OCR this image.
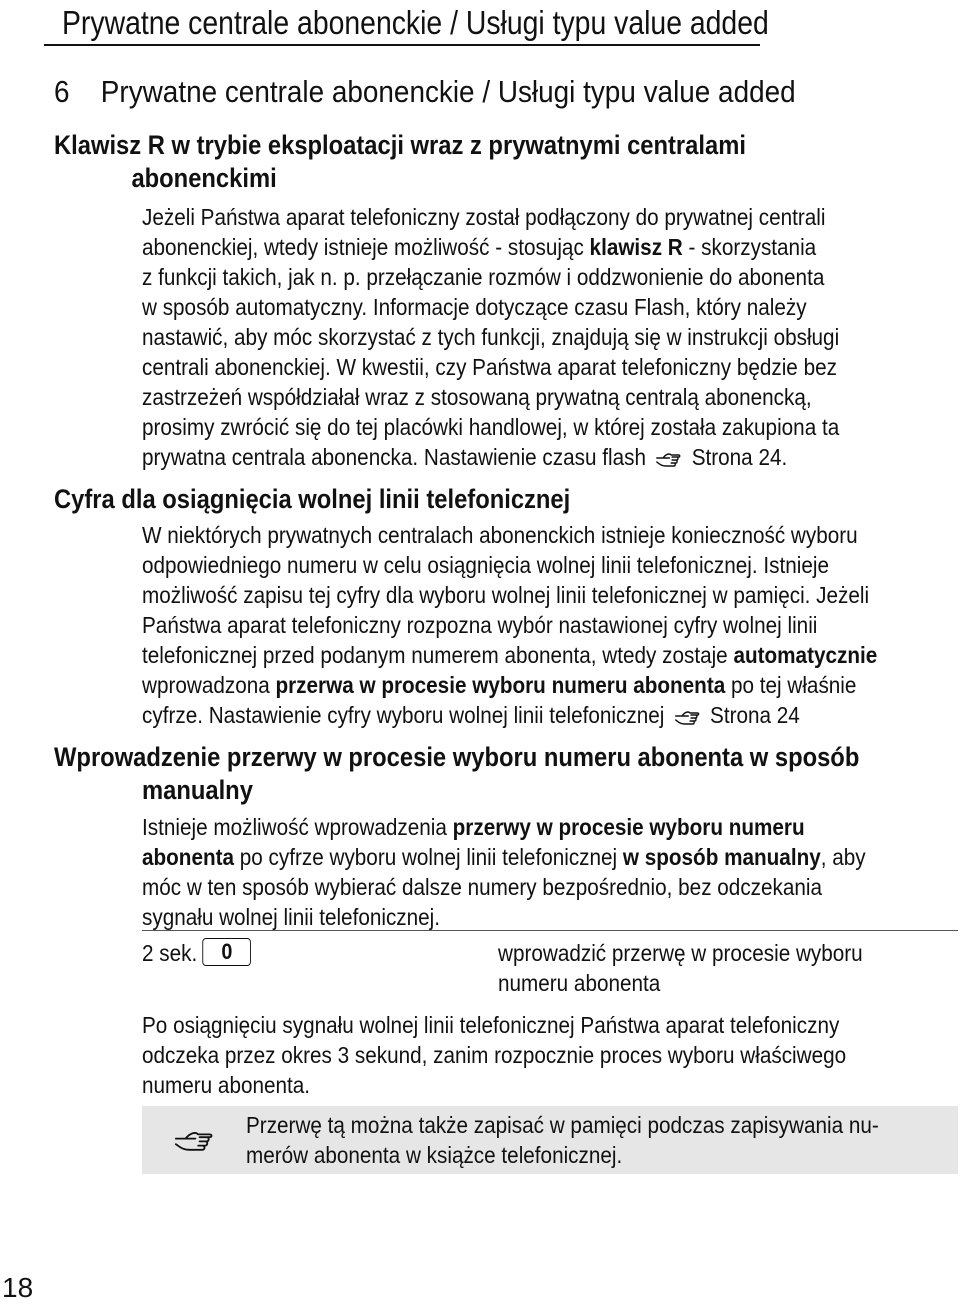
Prywatne centrale abonenckie / Usługi typu value added
6 Prywatne centrale abonenckie / Usługi typu value added
Klawisz R w trybie eksploatacji wraz z prywatnymi centralami
abonenckimi
Jeżeli Państwa aparat telefoniczny został podłączony do prywatnej centrali
abonenckiej, wtedy istnieje możliwość - stosując klawisz R - skorzystania
z funkcji takich, jak n. p. przełączanie rozmów i oddzwonienie do abonenta
w sposób automatyczny. Informacje dotyczące czasu Flash, który należy
nastawić, aby móc skorzystać z tych funkcji, znajdują się w instrukcji obsługi
centrali abonenckiej. W kwestii, czy Państwa aparat telefoniczny będzie bez
zastrzeżeń współdziałał wraz z stosowaną prywatną centralą abonencką,
prosimy zwrócić się do tej placówki handlowej, w której została zakupiona ta
prywatna centrala abonencka. Nastawienie czasu flash Strona 24.
Cyfra dla osiągnięcia wolnej linii telefonicznej
W niektórych prywatnych centralach abonenckich istnieje konieczność wyboru
odpowiedniego numeru w celu osiągnięcia wolnej linii telefonicznej. Istnieje
możliwość zapisu tej cyfry dla wyboru wolnej linii telefonicznej w pamięci. Jeżeli
Państwa aparat telefoniczny rozpozna wybór nastawionej cyfry wolnej linii
telefonicznej przed podanym numerem abonenta, wtedy zostaje automatycznie
wprowadzona przerwa w procesie wyboru numeru abonenta po tej właśnie
cyfrze. Nastawienie cyfry wyboru wolnej linii telefonicznej Strona 24
Wprowadzenie przerwy w procesie wyboru numeru abonenta w sposób
manualny
Istnieje możliwość wprowadzenia przerwy w procesie wyboru numeru
abonenta po cyfrze wyboru wolnej linii telefonicznej w sposób manualny, aby
móc w ten sposób wybierać dalsze numery bezpośrednio, bez odczekania
sygnału wolnej linii telefonicznej.
2 sek. 0	wprowadzić przerwę w procesie wyboru
numeru abonenta
Po osiągnięciu sygnału wolnej linii telefonicznej Państwa aparat telefoniczny
odczeka przez okres 3 sekund, zanim rozpocznie proces wyboru właściwego
numeru abonenta.
Przerwę tą można także zapisać w pamięci podczas zapisywania nu-
merów abonenta w książce telefonicznej.
18
